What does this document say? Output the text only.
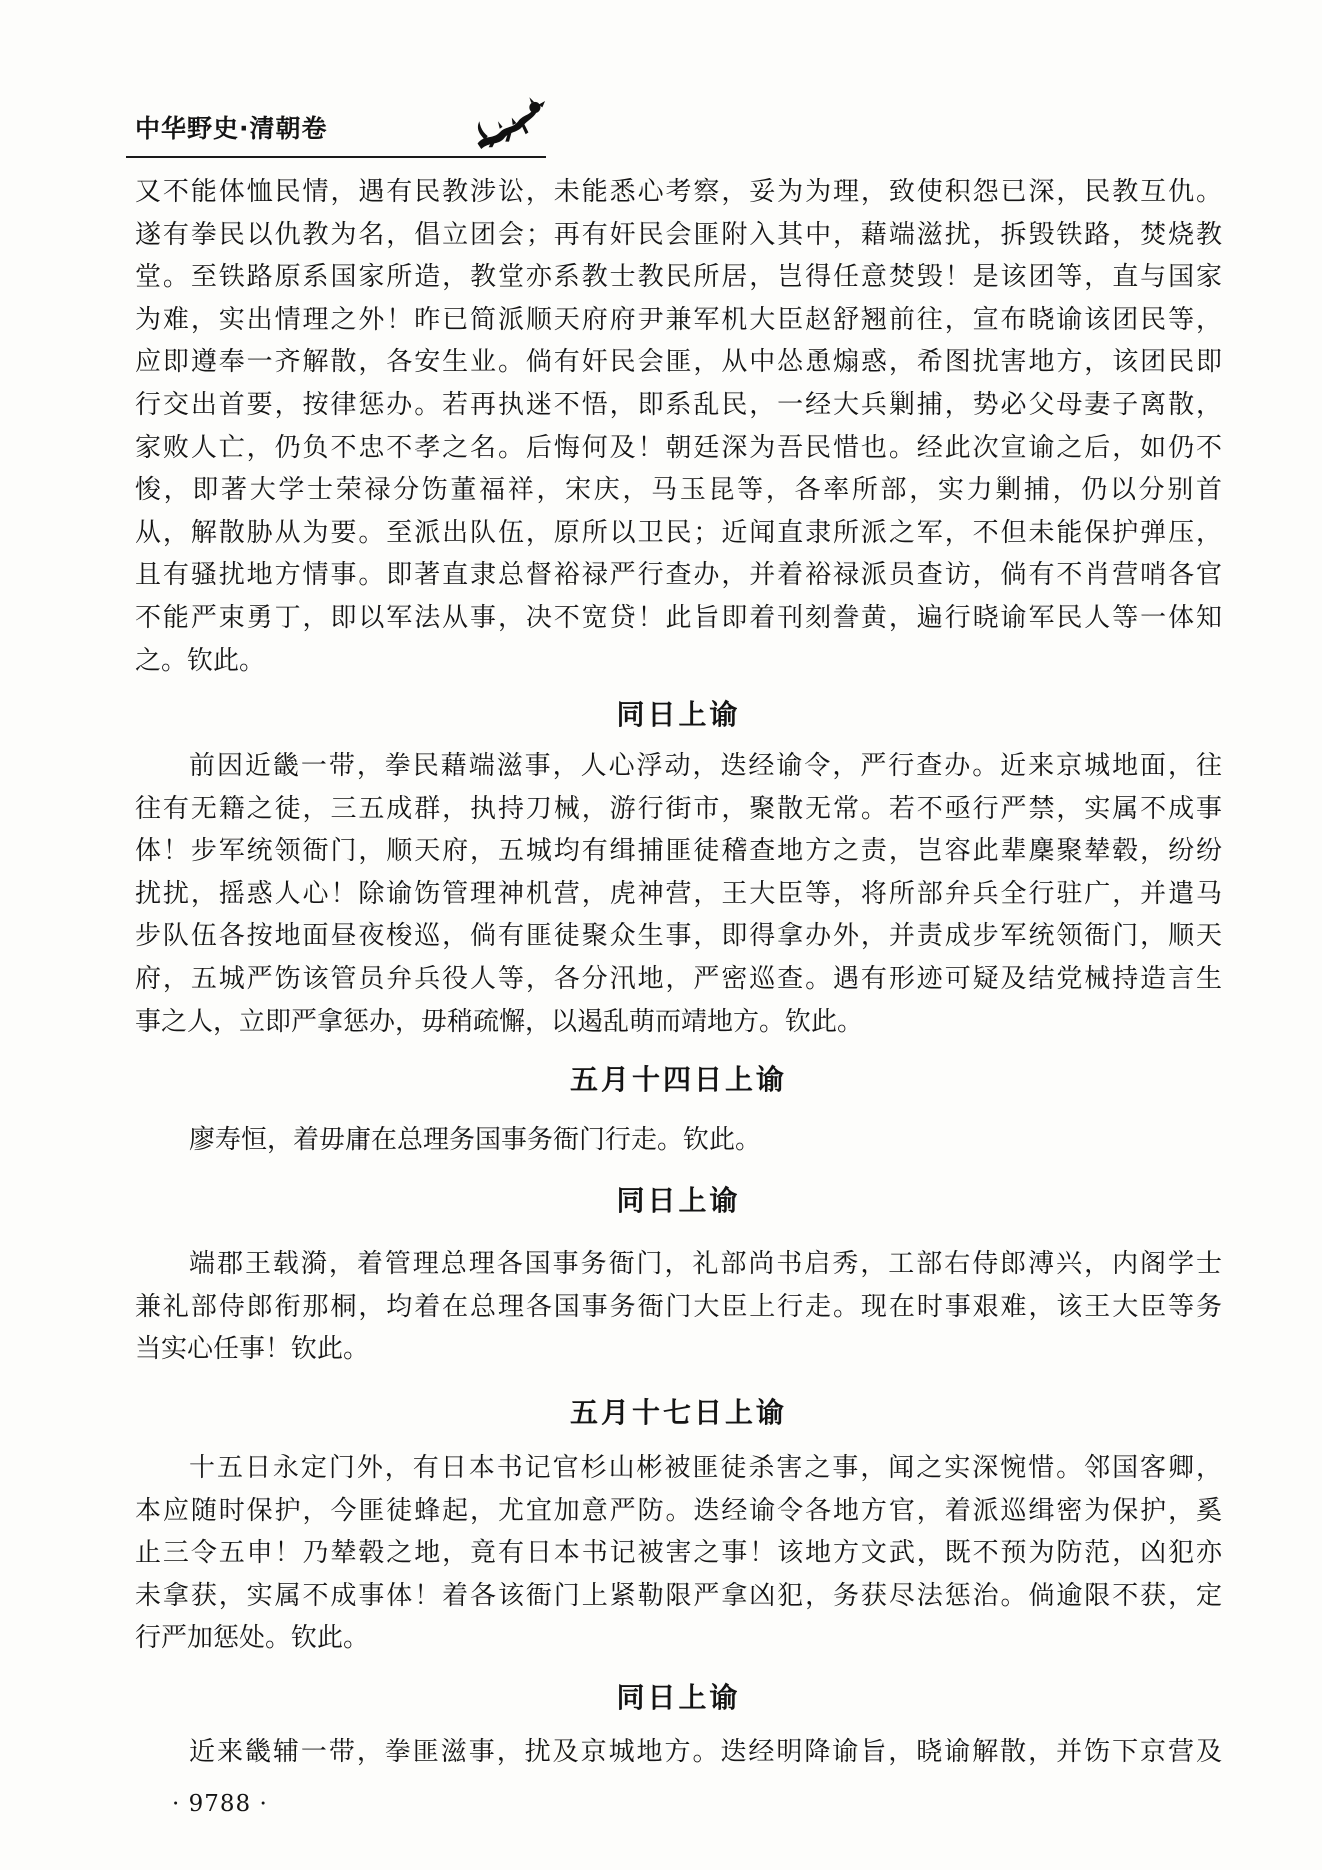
中华野史·清朝卷
又不能体恤民情，遇有民教涉讼，未能悉心考察，妥为为理，致使积怨已深，民教互仇。
遂有拳民以仇教为名，倡立团会；再有奸民会匪附入其中，藉端滋扰，拆毁铁路，焚烧教
堂。至铁路原系国家所造，教堂亦系教士教民所居，岂得任意焚毁！是该团等，直与国家
为难，实出情理之外！昨已简派顺天府府尹兼军机大臣赵舒翘前往，宣布晓谕该团民等，
应即遵奉一齐解散，各安生业。倘有奸民会匪，从中怂恿煽惑，希图扰害地方，该团民即
行交出首要，按律惩办。若再执迷不悟，即系乱民，一经大兵剿捕，势必父母妻子离散，
家败人亡，仍负不忠不孝之名。后悔何及！朝廷深为吾民惜也。经此次宣谕之后，如仍不
悛，即著大学士荣禄分饬董福祥，宋庆，马玉昆等，各率所部，实力剿捕，仍以分别首
从，解散胁从为要。至派出队伍，原所以卫民；近闻直隶所派之军，不但未能保护弹压，
且有骚扰地方情事。即著直隶总督裕禄严行查办，并着裕禄派员查访，倘有不肖营哨各官
不能严束勇丁，即以军法从事，决不宽贷！此旨即着刊刻誊黄，遍行晓谕军民人等一体知
之。钦此。
同日上谕
前因近畿一带，拳民藉端滋事，人心浮动，迭经谕令，严行查办。近来京城地面，往
往有无籍之徒，三五成群，执持刀械，游行街市，聚散无常。若不亟行严禁，实属不成事
体！步军统领衙门，顺天府，五城均有缉捕匪徒稽查地方之责，岂容此辈麇聚辇毂，纷纷
扰扰，摇惑人心！除谕饬管理神机营，虎神营，王大臣等，将所部弁兵全行驻广，并遣马
步队伍各按地面昼夜梭巡，倘有匪徒聚众生事，即得拿办外，并责成步军统领衙门，顺天
府，五城严饬该管员弁兵役人等，各分汛地，严密巡查。遇有形迹可疑及结党械持造言生
事之人，立即严拿惩办，毋稍疏懈，以遏乱萌而靖地方。钦此。
五月十四日上谕
廖寿恒，着毋庸在总理务国事务衙门行走。钦此。
同日上谕
端郡王载漪，着管理总理各国事务衙门，礼部尚书启秀，工部右侍郎溥兴，内阁学士
兼礼部侍郎衔那桐，均着在总理各国事务衙门大臣上行走。现在时事艰难，该王大臣等务
当实心任事！钦此。
五月十七日上谕
十五日永定门外，有日本书记官杉山彬被匪徒杀害之事，闻之实深惋惜。邻国客卿，
本应随时保护，今匪徒蜂起，尤宜加意严防。迭经谕令各地方官，着派巡缉密为保护，奚
止三令五申！乃辇毂之地，竟有日本书记被害之事！该地方文武，既不预为防范，凶犯亦
未拿获，实属不成事体！着各该衙门上紧勒限严拿凶犯，务获尽法惩治。倘逾限不获，定
行严加惩处。钦此。
同日上谕
近来畿辅一带，拳匪滋事，扰及京城地方。迭经明降谕旨，晓谕解散，并饬下京营及
· 9788 ·
